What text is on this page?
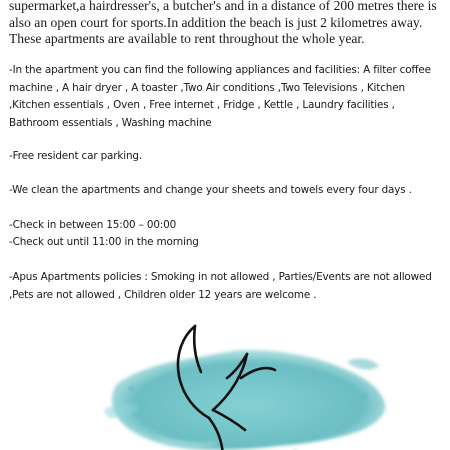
supermarket,a hairdresser's, a butcher's and in a distance of 200 metres there is also an open court for sports.In addition the beach is just 2 kilometres away. These apartments are available to rent throughout the whole year.

-In the apartment you can find the following appliances and facilities: A filter coffee machine , A hair dryer , A toaster ,Two Air conditions ,Two Televisions , Kitchen ,Kitchen essentials , Oven , Free internet , Fridge , Kettle , Laundry facilities , Bathroom essentials , Washing machine

-Free resident car parking.

-We clean the apartments and change your sheets and towels every four days .

-Check in between 15:00 – 00:00

-Check out until 11:00 in the morning

-Apus Apartments policies : Smoking in not allowed , Parties/Events are not allowed ,Pets are not allowed , Children older 12 years are welcome .
